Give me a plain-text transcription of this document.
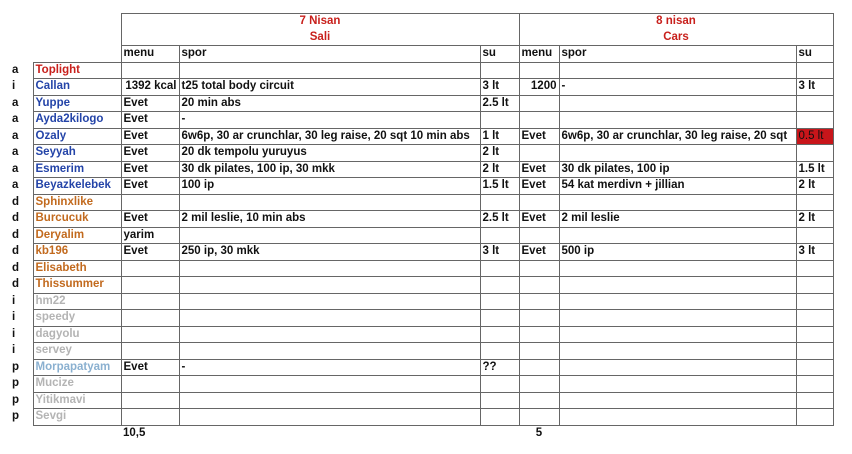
		7 Nisan			8 nisan		
		Sali			Cars		
		menu	spor	su	menu	spor	su
a	Toplight						
i	Callan	1392 kcal	t25 total body circuit	3 lt	1200	-	3 lt
a	Yuppe	Evet	20 min abs	2.5 lt			
a	Ayda2kilogo	Evet	-				
a	Ozaly	Evet	6w6p, 30 ar crunchlar, 30 leg raise, 20 sqt 10 min abs	1 lt	Evet	6w6p, 30 ar crunchlar, 30 leg raise, 20 sqt	0.5 lt
a	Seyyah	Evet	20 dk tempolu yuruyus	2 lt			
a	Esmerim	Evet	30 dk pilates, 100 ip, 30 mkk	2 lt	Evet	30 dk pilates, 100 ip	1.5 lt
a	Beyazkelebek	Evet	100 ip	1.5 lt	Evet	54 kat merdivn + jillian	2 lt
d	Sphinxlike						
d	Burcucuk	Evet	2 mil leslie, 10 min abs	2.5 lt	Evet	2 mil leslie	2 lt
d	Deryalim	yarim					
d	kb196	Evet	250 ip, 30 mkk	3 lt	Evet	500 ip	3 lt
d	Elisabeth						
d	Thissummer						
i	hm22						
i	speedy						
i	dagyolu						
i	servey						
p	Morpapatyam	Evet	-	??			
p	Mucize						
p	Yitikmavi						
p	Sevgi						
		10,5			5		
